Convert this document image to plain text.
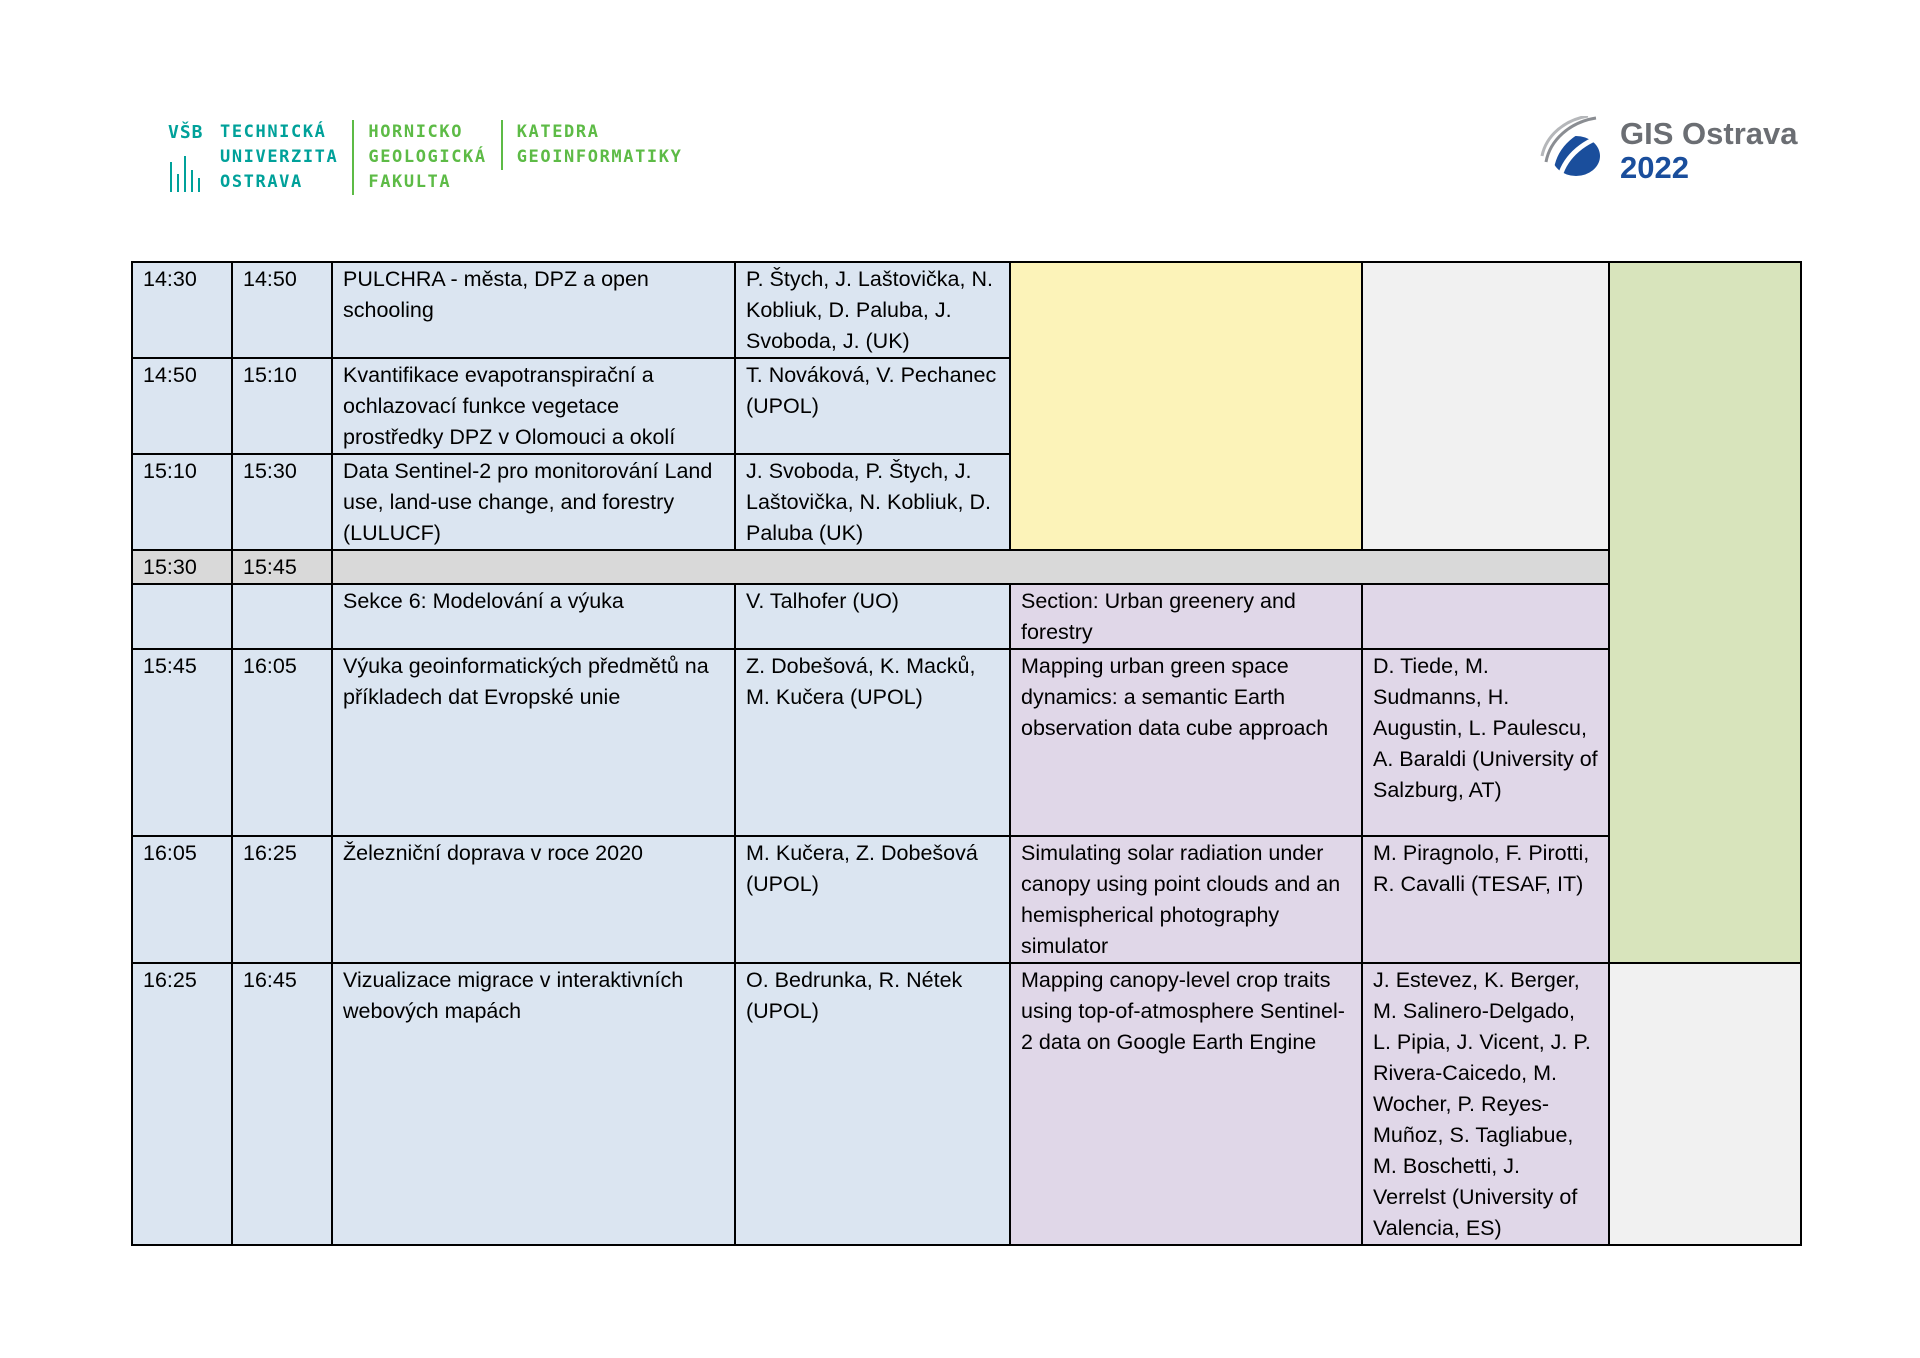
VŠB TECHNICKÁ
UNIVERZITA
OSTRAVA
HORNICKO
GEOLOGICKÁ
FAKULTA
KATEDRA
GEOINFORMATIKY
GIS Ostrava
2022
14:30	14:50	PULCHRA - města, DPZ a open schooling	P. Štych, J. Laštovička, N. Kobliuk, D. Paluba, J. Svoboda, J. (UK)			
14:50	15:10	Kvantifikace evapotranspirační a ochlazovací funkce vegetace prostředky DPZ v Olomouci a okolí	T. Nováková, V. Pechanec (UPOL)			
15:10	15:30	Data Sentinel-2 pro monitorování Land use, land-use change, and forestry (LULUCF)	J. Svoboda, P. Štych, J. Laštovička, N. Kobliuk, D. Paluba (UK)			
15:30	15:45					
		Sekce 6: Modelování a výuka	V. Talhofer (UO)	Section: Urban greenery and forestry		
15:45	16:05	Výuka geoinformatických předmětů na příkladech dat Evropské unie	Z. Dobešová, K. Macků, M. Kučera (UPOL)	Mapping urban green space dynamics: a semantic Earth observation data cube approach	D. Tiede, M. Sudmanns, H. Augustin, L. Paulescu, A. Baraldi (University of Salzburg, AT)	
16:05	16:25	Železniční doprava v roce 2020	M. Kučera, Z. Dobešová (UPOL)	Simulating solar radiation under canopy using point clouds and an hemispherical photography simulator	M. Piragnolo, F. Pirotti, R. Cavalli (TESAF, IT)	
16:25	16:45	Vizualizace migrace v interaktivních webových mapách	O. Bedrunka, R. Nétek (UPOL)	Mapping canopy-level crop traits using top-of-atmosphere Sentinel-2 data on Google Earth Engine	J. Estevez, K. Berger, M. Salinero-Delgado, L. Pipia, J. Vicent, J. P. Rivera-Caicedo, M. Wocher, P. Reyes-Muñoz, S. Tagliabue, M. Boschetti, J. Verrelst (University of Valencia, ES)	
